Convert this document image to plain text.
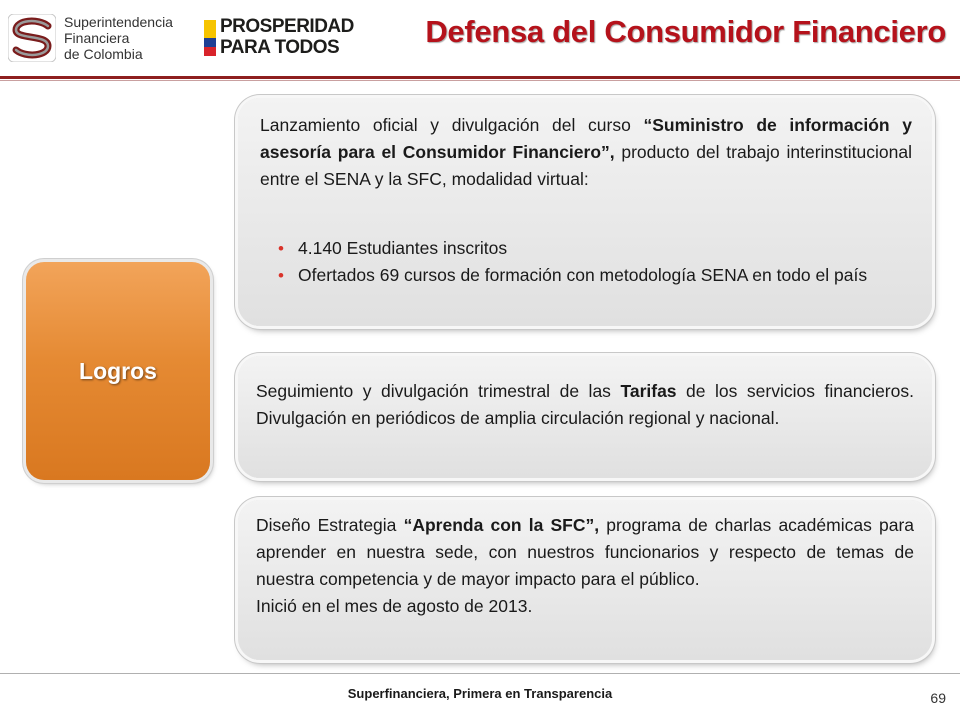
Superintendencia
Financiera
de Colombia
PROSPERIDAD
PARA TODOS	Defensa del Consumidor Financiero
Logros
Lanzamiento oficial y divulgación del curso “Suministro de información y asesoría para el Consumidor Financiero”, producto del trabajo interinstitucional entre el SENA y la SFC, modalidad virtual:
• 4.140 Estudiantes inscritos
• Ofertados 69 cursos de formación con metodología SENA en todo el país
Seguimiento y divulgación trimestral de las Tarifas de los servicios financieros. Divulgación en periódicos de amplia circulación regional y nacional.
Diseño Estrategia “Aprenda con la SFC”, programa de charlas académicas para aprender en nuestra sede, con nuestros funcionarios y respecto de temas de nuestra competencia y de mayor impacto para el público.
Inició en el mes de agosto de 2013.
Superfinanciera, Primera en Transparencia	69
